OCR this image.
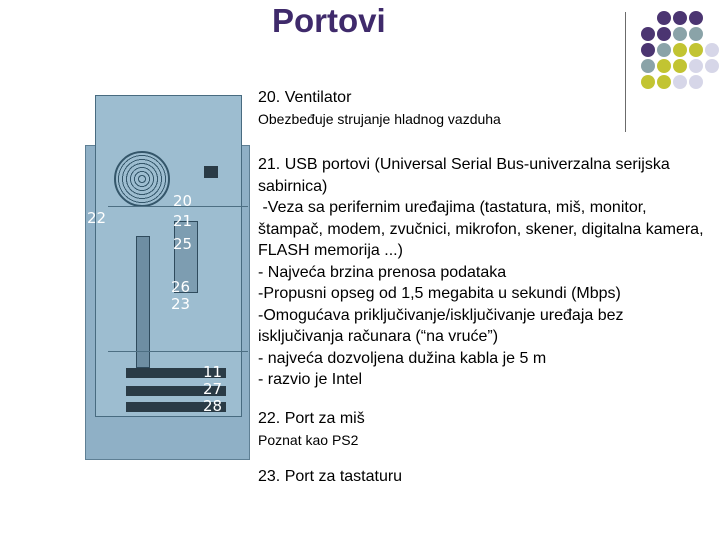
Portovi
20
21
25
22
26
23
11
27
28
20. Ventilator
Obezbeđuje strujanje hladnog vazduha
21. USB portovi (Universal Serial Bus-univerzalna serijska sabirnica)
-Veza sa perifernim uređajima (tastatura, miš, monitor, štampač, modem, zvučnici, mikrofon, skener, digitalna kamera, FLASH memorija ...)
- Najveća brzina prenosa podataka
-Propusni opseg od 1,5 megabita u sekundi (Mbps)
-Omogućava priključivanje/isključivanje uređaja bez isključivanja računara (“na vruće”)
- najveća dozvoljena dužina kabla je 5 m
- razvio je Intel
22. Port za miš
Poznat kao PS2
23. Port za tastaturu
